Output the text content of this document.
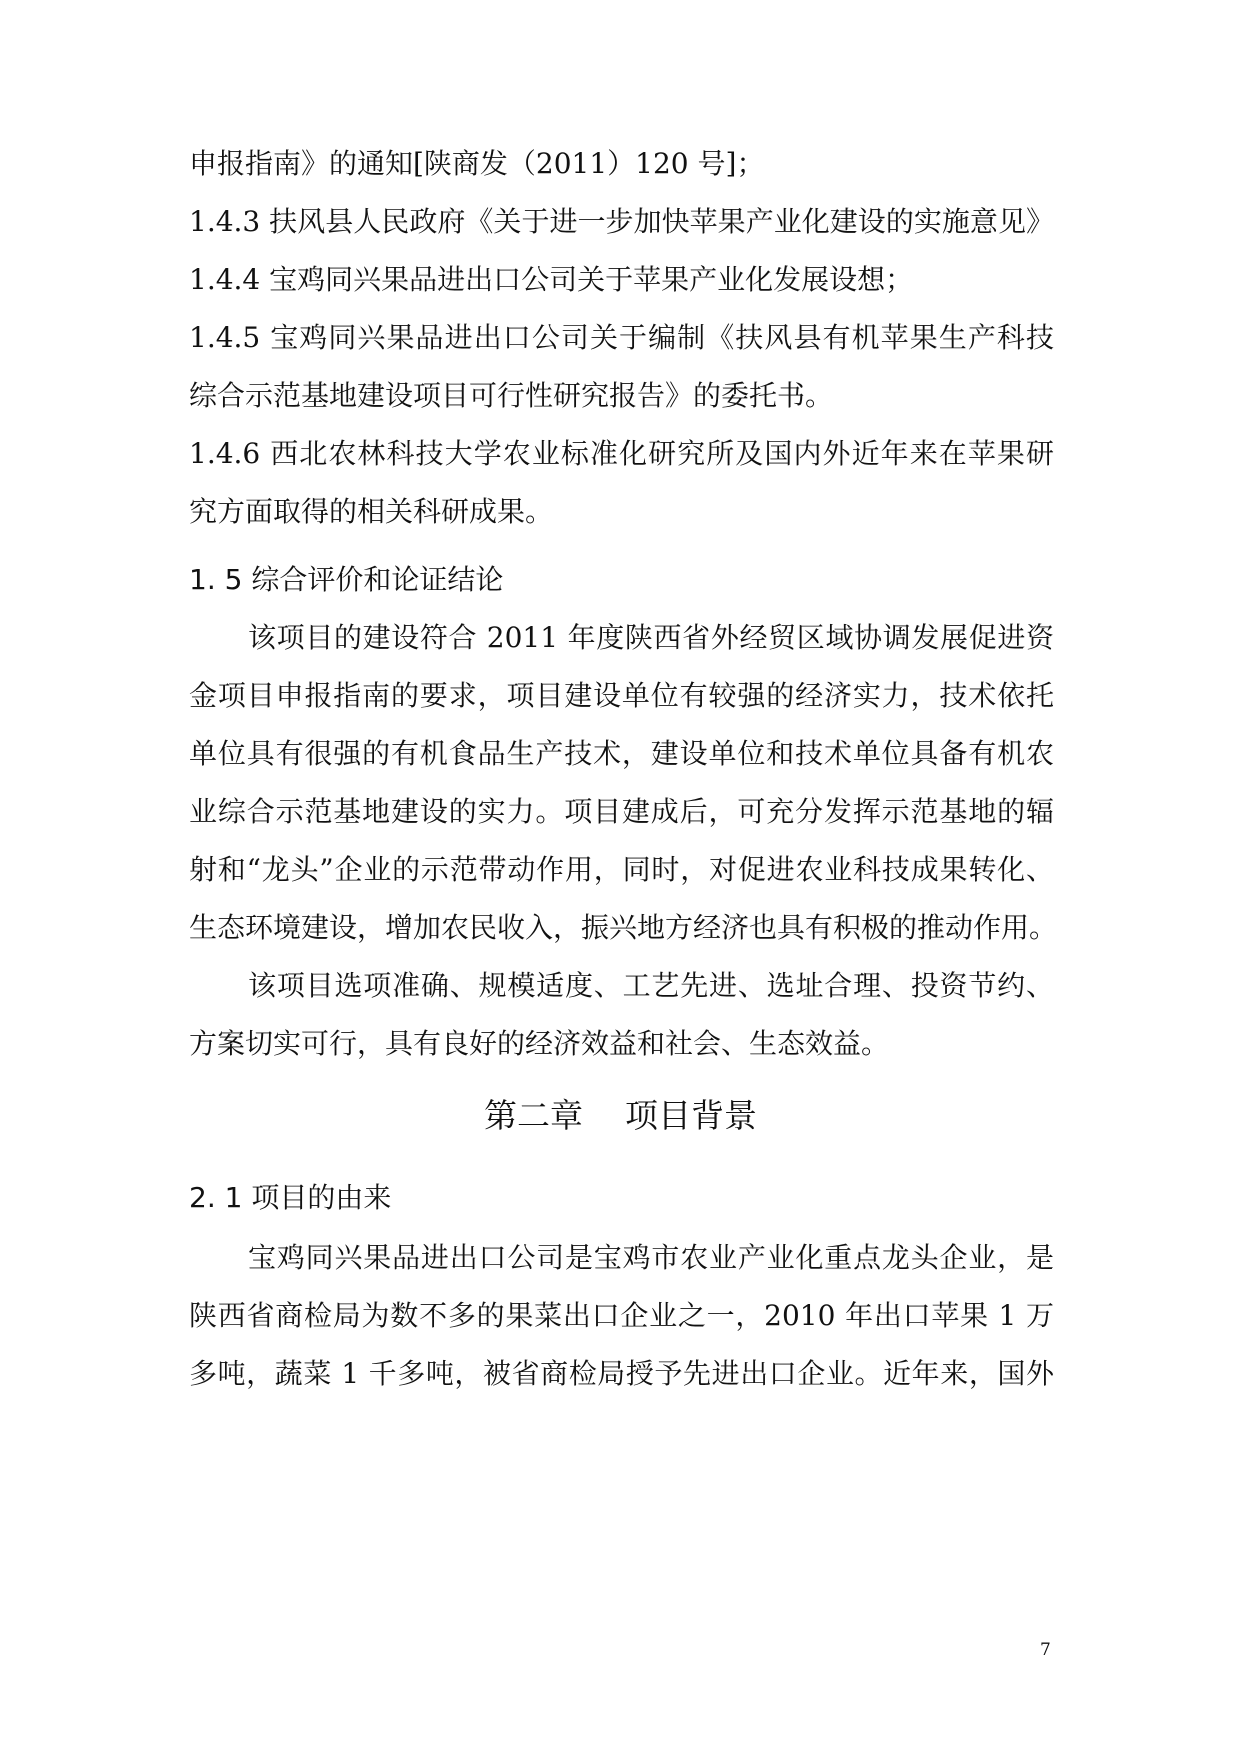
申报指南》的通知[陕商发（2011）120 号]；
1.4.3 扶风县人民政府《关于进一步加快苹果产业化建设的实施意见》
1.4.4 宝鸡同兴果品进出口公司关于苹果产业化发展设想；
1.4.5 宝鸡同兴果品进出口公司关于编制《扶风县有机苹果生产科技
综合示范基地建设项目可行性研究报告》的委托书。
1.4.6 西北农林科技大学农业标准化研究所及国内外近年来在苹果研
究方面取得的相关科研成果。
1. 5 综合评价和论证结论
该项目的建设符合 2011 年度陕西省外经贸区域协调发展促进资
金项目申报指南的要求，项目建设单位有较强的经济实力，技术依托
单位具有很强的有机食品生产技术，建设单位和技术单位具备有机农
业综合示范基地建设的实力。项目建成后，可充分发挥示范基地的辐
射和“龙头”企业的示范带动作用，同时，对促进农业科技成果转化、
生态环境建设，增加农民收入，振兴地方经济也具有积极的推动作用。
该项目选项准确、规模适度、工艺先进、选址合理、投资节约、
方案切实可行，具有良好的经济效益和社会、生态效益。
第二章    项目背景
2. 1 项目的由来
宝鸡同兴果品进出口公司是宝鸡市农业产业化重点龙头企业，是
陕西省商检局为数不多的果菜出口企业之一，2010 年出口苹果 1 万
多吨，蔬菜 1 千多吨，被省商检局授予先进出口企业。近年来，国外
7
